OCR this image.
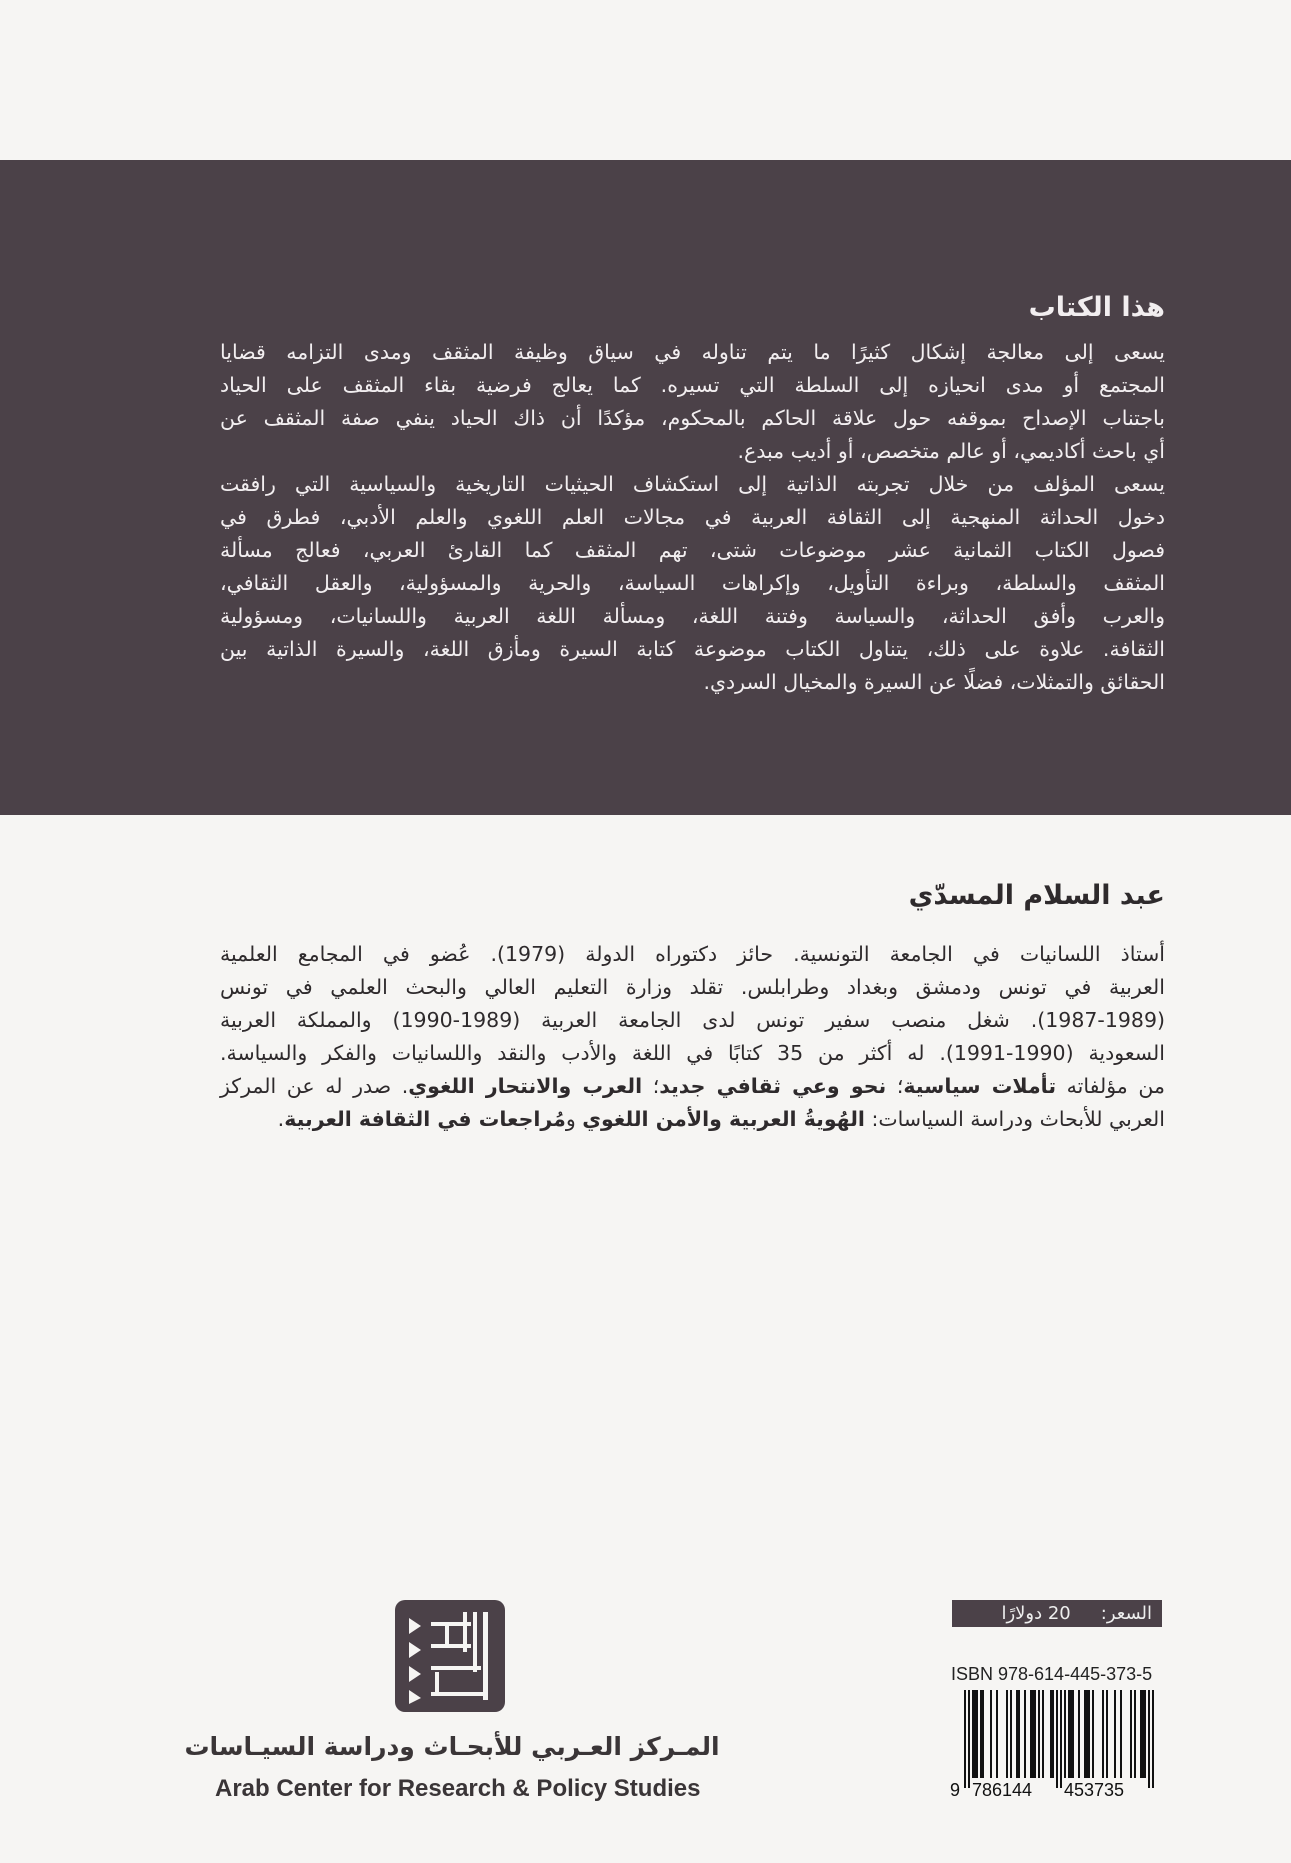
هذا الكتاب
يسعى إلى معالجة إشكال كثيرًا ما يتم تناوله في سياق وظيفة المثقف ومدى التزامه قضايا
المجتمع أو مدى انحيازه إلى السلطة التي تسيره. كما يعالج فرضية بقاء المثقف على الحياد
باجتناب الإصداح بموقفه حول علاقة الحاكم بالمحكوم، مؤكدًا أن ذاك الحياد ينفي صفة المثقف عن
أي باحث أكاديمي، أو عالم متخصص، أو أديب مبدع.
يسعى المؤلف من خلال تجربته الذاتية إلى استكشاف الحيثيات التاريخية والسياسية التي رافقت
دخول الحداثة المنهجية إلى الثقافة العربية في مجالات العلم اللغوي والعلم الأدبي، فطرق في
فصول الكتاب الثمانية عشر موضوعات شتى، تهم المثقف كما القارئ العربي، فعالج مسألة
المثقف والسلطة، وبراءة التأويل، وإكراهات السياسة، والحرية والمسؤولية، والعقل الثقافي،
والعرب وأفق الحداثة، والسياسة وفتنة اللغة، ومسألة اللغة العربية واللسانيات، ومسؤولية
الثقافة. علاوة على ذلك، يتناول الكتاب موضوعة كتابة السيرة ومأزق اللغة، والسيرة الذاتية بين
الحقائق والتمثلات، فضلًا عن السيرة والمخيال السردي.
عبد السلام المسدّي
أستاذ اللسانيات في الجامعة التونسية. حائز دكتوراه الدولة (1979). عُضو في المجامع العلمية
العربية في تونس ودمشق وبغداد وطرابلس. تقلد وزارة التعليم العالي والبحث العلمي في تونس
(1987-1989). شغل منصب سفير تونس لدى الجامعة العربية (1989-1990) والمملكة العربية
السعودية (1990-1991). له أكثر من 35 كتابًا في اللغة والأدب والنقد واللسانيات والفكر والسياسة.
من مؤلفاته تأملات سياسية؛ نحو وعي ثقافي جديد؛ العرب والانتحار اللغوي. صدر له عن المركز
العربي للأبحاث ودراسة السياسات: الهُويةُ العربية والأمن اللغوي ومُراجعات في الثقافة العربية.
السعر:
20 دولارًا
ISBN 978-614-445-373-5
9 786144 453735
المـركز العـربي للأبحـاث ودراسة السيـاسات
Arab Center for Research & Policy Studies
